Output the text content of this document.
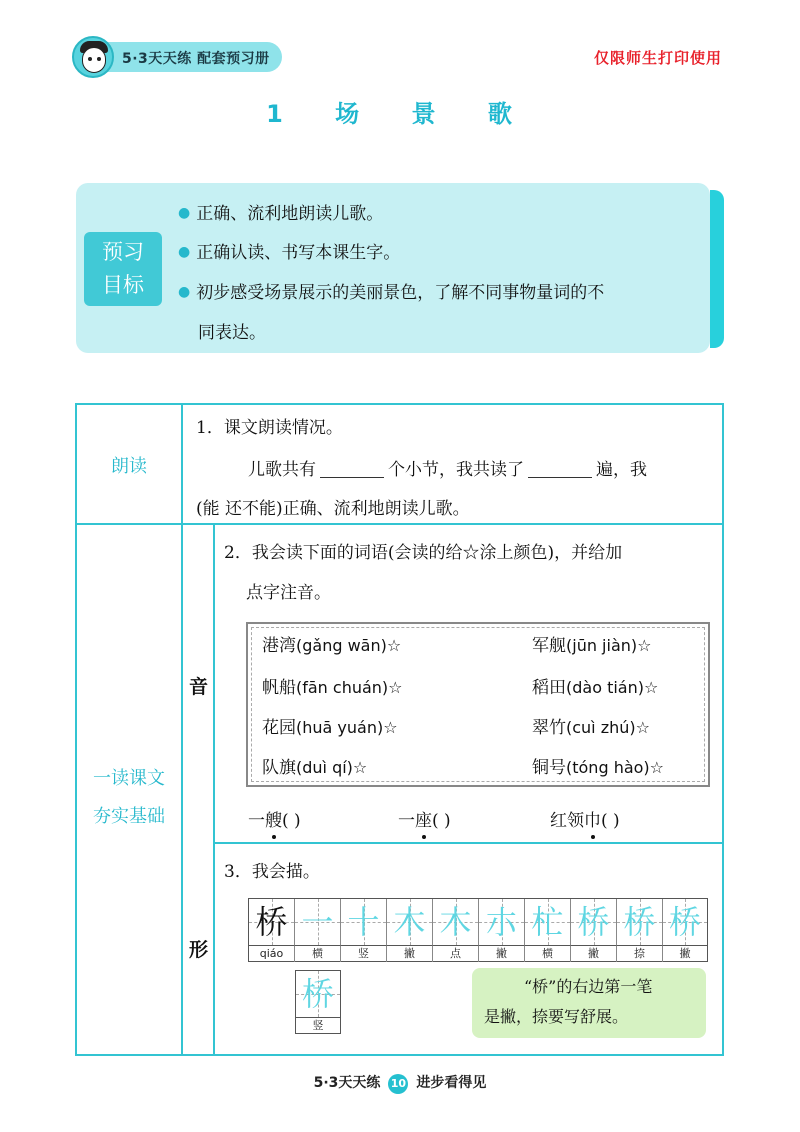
5·3天天练 配套预习册	仅限师生打印使用
1 场 景 歌
预习
目标
● 正确、流利地朗读儿歌。
● 正确认读、书写本课生字。
● 初步感受场景展示的美丽景色，了解不同事物量词的不
同表达。
朗读
1．课文朗读情况。
儿歌共有	个小节，我共读了	遍，我
(能 还不能)正确、流利地朗读儿歌。
一读课文
夯实基础
音
形
2．我会读下面的词语(会读的给☆涂上颜色)，并给加
点字注音。
港湾(gǎng wān)☆	军舰(jūn jiàn)☆
帆船(fān chuán)☆	稻田(dào tián)☆
花园(huā yuán)☆	翠竹(cuì zhú)☆
队旗(duì qí)☆	铜号(tóng hào)☆
一艘( )	一座( )	红领巾( )
3．我会描。
桥 一 十 木 木 朩 杧 桥 桥 桥
qiáo	横	竖	撇	点	撇	横	撇	捺	撇
桥
竖
“桥”的右边第一笔
是撇，捺要写舒展。
5·3天天练 10 进步看得见
